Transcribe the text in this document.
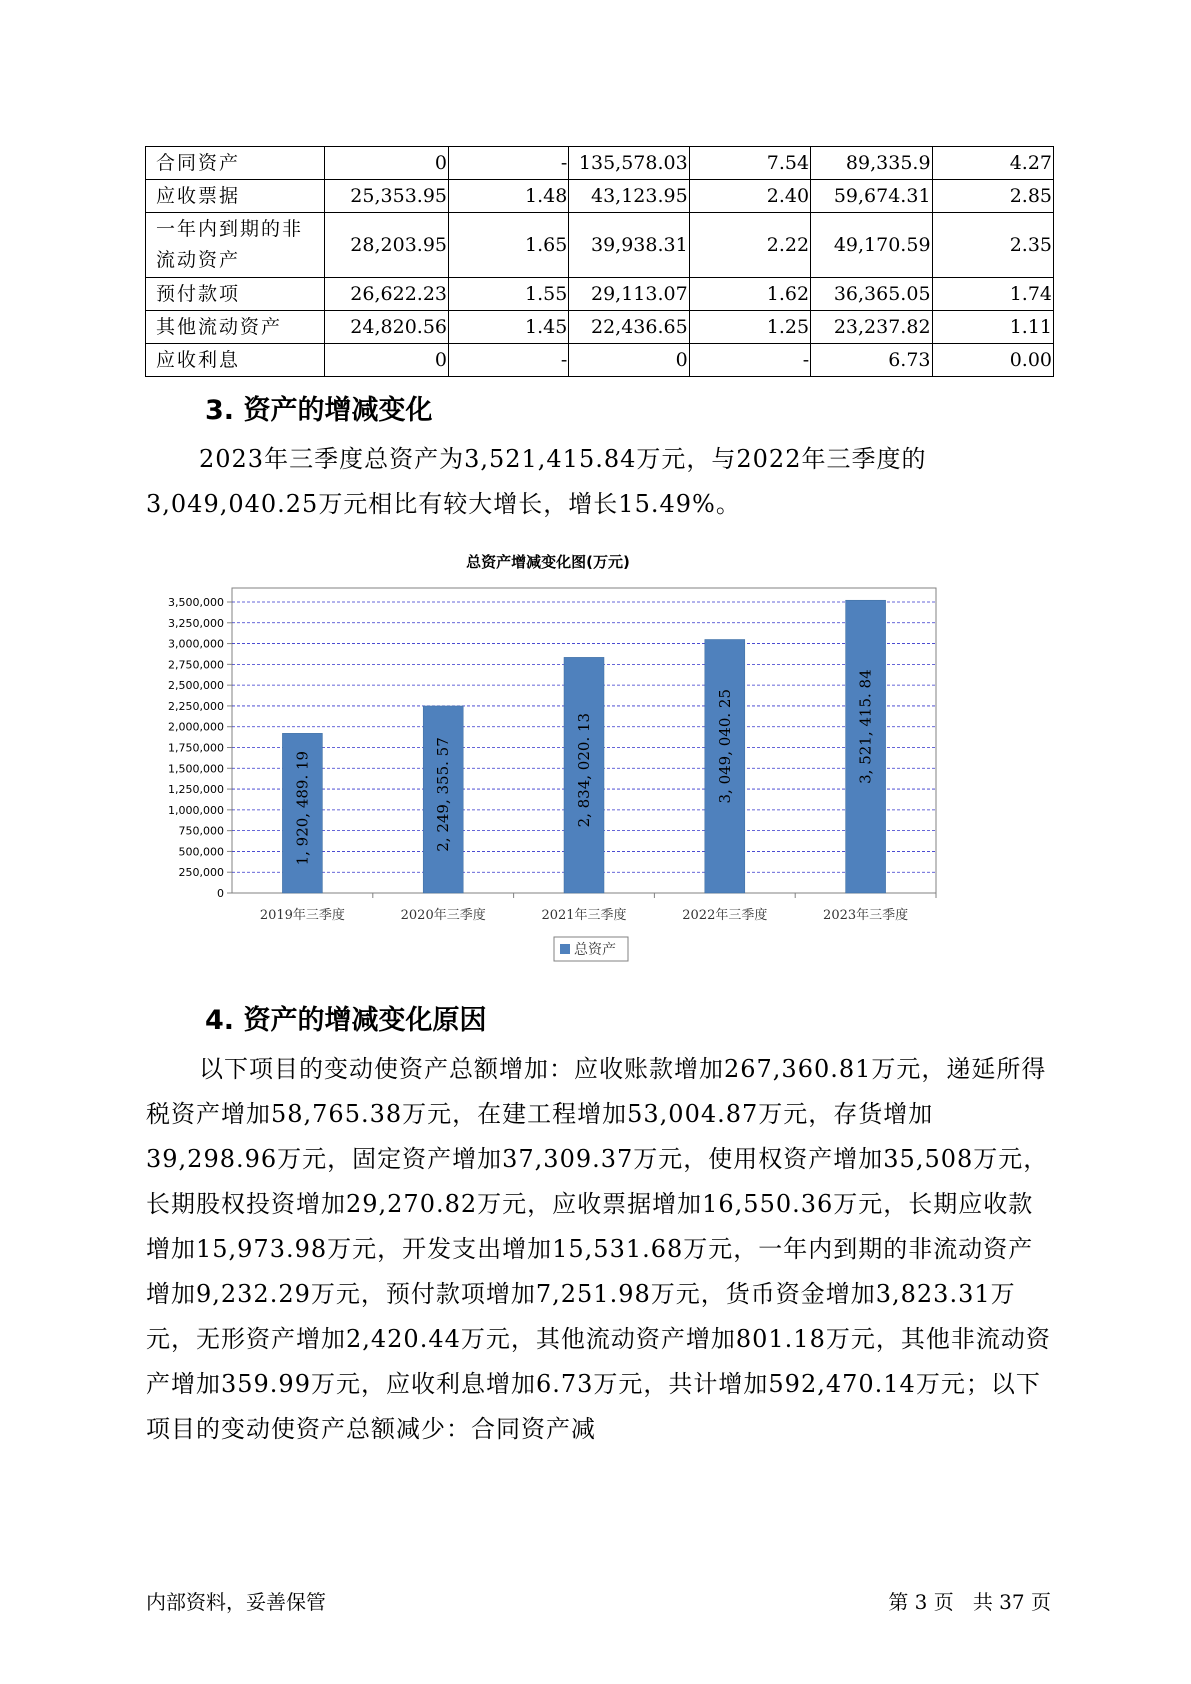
合同资产	0	-	135,578.03	7.54	89,335.9	4.27
应收票据	25,353.95	1.48	43,123.95	2.40	59,674.31	2.85
一年内到期的非流动资产	28,203.95	1.65	39,938.31	2.22	49,170.59	2.35
预付款项	26,622.23	1.55	29,113.07	1.62	36,365.05	1.74
其他流动资产	24,820.56	1.45	22,436.65	1.25	23,237.82	1.11
应收利息	0	-	0	-	6.73	0.00
3. 资产的增减变化

2023年三季度总资产为3,521,415.84万元，与2022年三季度的3,049,040.25万元相比有较大增长，增长15.49%。

总资产增减变化图(万元)
0
250,000
500,000
750,000
1,000,000
1,250,000
1,500,000
1,750,000
2,000,000
2,250,000
2,500,000
2,750,000
3,000,000
3,250,000
3,500,000
1, 920, 489. 19
2019年三季度
2, 249, 355. 57
2020年三季度
2, 834, 020. 13
2021年三季度
3, 049, 040. 25
2022年三季度
3, 521, 415. 84
2023年三季度
总资产
4. 资产的增减变化原因

以下项目的变动使资产总额增加：应收账款增加267,360.81万元，递延所得税资产增加58,765.38万元，在建工程增加53,004.87万元，存货增加39,298.96万元，固定资产增加37,309.37万元，使用权资产增加35,508万元，长期股权投资增加29,270.82万元，应收票据增加16,550.36万元，长期应收款增加15,973.98万元，开发支出增加15,531.68万元，一年内到期的非流动资产增加9,232.29万元，预付款项增加7,251.98万元，货币资金增加3,823.31万元，无形资产增加2,420.44万元，其他流动资产增加801.18万元，其他非流动资产增加359.99万元，应收利息增加6.73万元，共计增加592,470.14万元；以下项目的变动使资产总额减少：合同资产减

内部资料，妥善保管	第 3 页   共 37 页
